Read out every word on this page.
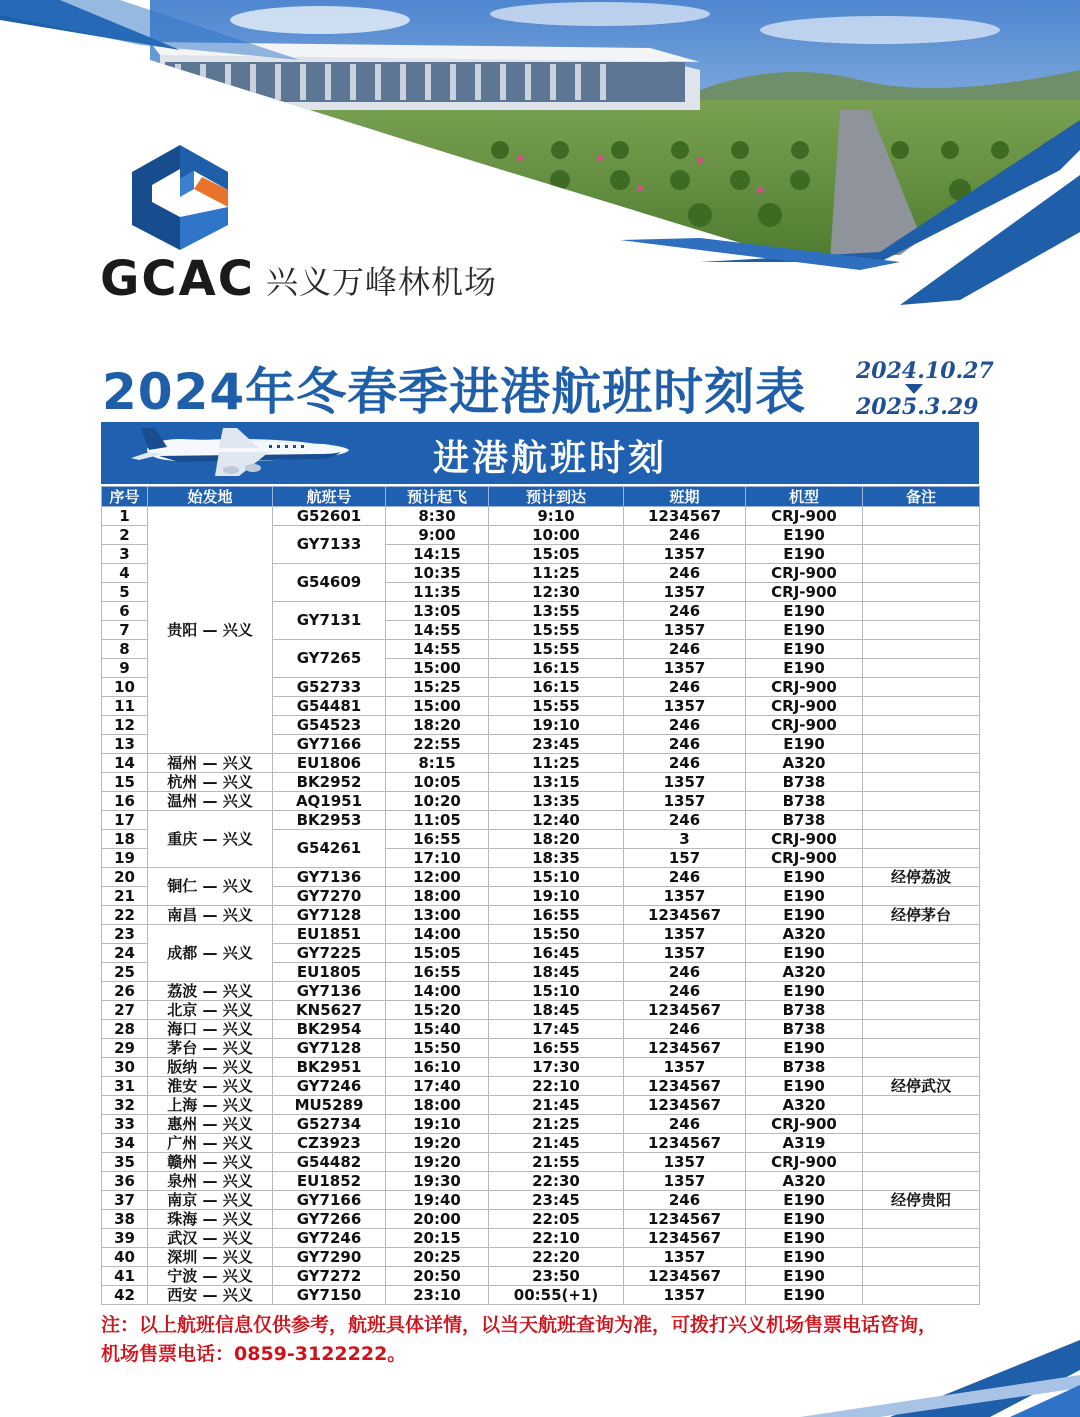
GCAC 兴义万峰林机场
2024年冬春季进港航班时刻表 2024.10.27
2025.3.29
进港航班时刻
序号	始发地	航班号	预计起飞	预计到达	班期	机型	备注
1	贵阳 — 兴义	G52601	8:30	9:10	1234567	CRJ-900	
2		GY7133	9:00	10:00	246	E190	
3			14:15	15:05	1357	E190	
4		G54609	10:35	11:25	246	CRJ-900	
5			11:35	12:30	1357	CRJ-900	
6		GY7131	13:05	13:55	246	E190	
7			14:55	15:55	1357	E190	
8		GY7265	14:55	15:55	246	E190	
9			15:00	16:15	1357	E190	
10		G52733	15:25	16:15	246	CRJ-900	
11		G54481	15:00	15:55	1357	CRJ-900	
12		G54523	18:20	19:10	246	CRJ-900	
13		GY7166	22:55	23:45	246	E190	
14	福州 — 兴义	EU1806	8:15	11:25	246	A320	
15	杭州 — 兴义	BK2952	10:05	13:15	1357	B738	
16	温州 — 兴义	AQ1951	10:20	13:35	1357	B738	
17	重庆 — 兴义	BK2953	11:05	12:40	246	B738	
18		G54261	16:55	18:20	3	CRJ-900	
19			17:10	18:35	157	CRJ-900	
20	铜仁 — 兴义	GY7136	12:00	15:10	246	E190	经停荔波
21		GY7270	18:00	19:10	1357	E190	
22	南昌 — 兴义	GY7128	13:00	16:55	1234567	E190	经停茅台
23	成都 — 兴义	EU1851	14:00	15:50	1357	A320	
24		GY7225	15:05	16:45	1357	E190	
25		EU1805	16:55	18:45	246	A320	
26	荔波 — 兴义	GY7136	14:00	15:10	246	E190	
27	北京 — 兴义	KN5627	15:20	18:45	1234567	B738	
28	海口 — 兴义	BK2954	15:40	17:45	246	B738	
29	茅台 — 兴义	GY7128	15:50	16:55	1234567	E190	
30	版纳 — 兴义	BK2951	16:10	17:30	1357	B738	
31	淮安 — 兴义	GY7246	17:40	22:10	1234567	E190	经停武汉
32	上海 — 兴义	MU5289	18:00	21:45	1234567	A320	
33	惠州 — 兴义	G52734	19:10	21:25	246	CRJ-900	
34	广州 — 兴义	CZ3923	19:20	21:45	1234567	A319	
35	赣州 — 兴义	G54482	19:20	21:55	1357	CRJ-900	
36	泉州 — 兴义	EU1852	19:30	22:30	1357	A320	
37	南京 — 兴义	GY7166	19:40	23:45	246	E190	经停贵阳
38	珠海 — 兴义	GY7266	20:00	22:05	1234567	E190	
39	武汉 — 兴义	GY7246	20:15	22:10	1234567	E190	
40	深圳 — 兴义	GY7290	20:25	22:20	1357	E190	
41	宁波 — 兴义	GY7272	20:50	23:50	1234567	E190	
42	西安 — 兴义	GY7150	23:10	00:55(+1)	1357	E190	
注：以上航班信息仅供参考，航班具体详情，以当天航班查询为准，可拨打兴义机场售票电话咨询，
机场售票电话：0859-3122222。
